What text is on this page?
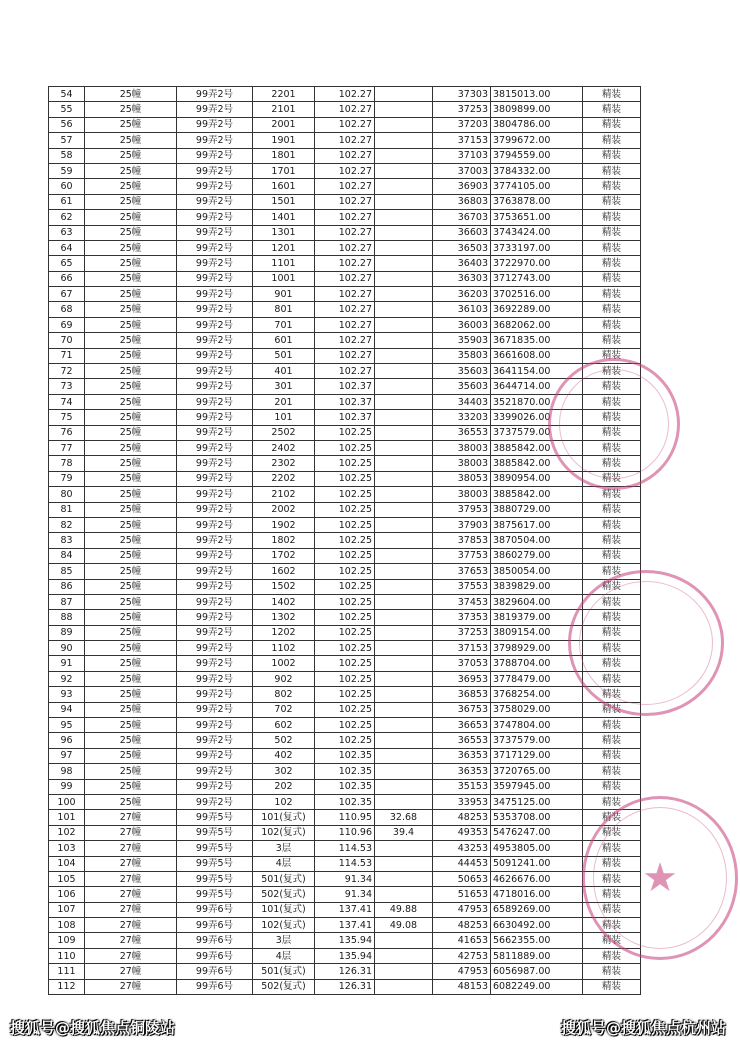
54	25幢	99弄2号	2201	102.27		37303	3815013.00	精装
55	25幢	99弄2号	2101	102.27		37253	3809899.00	精装
56	25幢	99弄2号	2001	102.27		37203	3804786.00	精装
57	25幢	99弄2号	1901	102.27		37153	3799672.00	精装
58	25幢	99弄2号	1801	102.27		37103	3794559.00	精装
59	25幢	99弄2号	1701	102.27		37003	3784332.00	精装
60	25幢	99弄2号	1601	102.27		36903	3774105.00	精装
61	25幢	99弄2号	1501	102.27		36803	3763878.00	精装
62	25幢	99弄2号	1401	102.27		36703	3753651.00	精装
63	25幢	99弄2号	1301	102.27		36603	3743424.00	精装
64	25幢	99弄2号	1201	102.27		36503	3733197.00	精装
65	25幢	99弄2号	1101	102.27		36403	3722970.00	精装
66	25幢	99弄2号	1001	102.27		36303	3712743.00	精装
67	25幢	99弄2号	901	102.27		36203	3702516.00	精装
68	25幢	99弄2号	801	102.27		36103	3692289.00	精装
69	25幢	99弄2号	701	102.27		36003	3682062.00	精装
70	25幢	99弄2号	601	102.27		35903	3671835.00	精装
71	25幢	99弄2号	501	102.27		35803	3661608.00	精装
72	25幢	99弄2号	401	102.27		35603	3641154.00	精装
73	25幢	99弄2号	301	102.37		35603	3644714.00	精装
74	25幢	99弄2号	201	102.37		34403	3521870.00	精装
75	25幢	99弄2号	101	102.37		33203	3399026.00	精装
76	25幢	99弄2号	2502	102.25		36553	3737579.00	精装
77	25幢	99弄2号	2402	102.25		38003	3885842.00	精装
78	25幢	99弄2号	2302	102.25		38003	3885842.00	精装
79	25幢	99弄2号	2202	102.25		38053	3890954.00	精装
80	25幢	99弄2号	2102	102.25		38003	3885842.00	精装
81	25幢	99弄2号	2002	102.25		37953	3880729.00	精装
82	25幢	99弄2号	1902	102.25		37903	3875617.00	精装
83	25幢	99弄2号	1802	102.25		37853	3870504.00	精装
84	25幢	99弄2号	1702	102.25		37753	3860279.00	精装
85	25幢	99弄2号	1602	102.25		37653	3850054.00	精装
86	25幢	99弄2号	1502	102.25		37553	3839829.00	精装
87	25幢	99弄2号	1402	102.25		37453	3829604.00	精装
88	25幢	99弄2号	1302	102.25		37353	3819379.00	精装
89	25幢	99弄2号	1202	102.25		37253	3809154.00	精装
90	25幢	99弄2号	1102	102.25		37153	3798929.00	精装
91	25幢	99弄2号	1002	102.25		37053	3788704.00	精装
92	25幢	99弄2号	902	102.25		36953	3778479.00	精装
93	25幢	99弄2号	802	102.25		36853	3768254.00	精装
94	25幢	99弄2号	702	102.25		36753	3758029.00	精装
95	25幢	99弄2号	602	102.25		36653	3747804.00	精装
96	25幢	99弄2号	502	102.25		36553	3737579.00	精装
97	25幢	99弄2号	402	102.35		36353	3717129.00	精装
98	25幢	99弄2号	302	102.35		36353	3720765.00	精装
99	25幢	99弄2号	202	102.35		35153	3597945.00	精装
100	25幢	99弄2号	102	102.35		33953	3475125.00	精装
101	27幢	99弄5号	101(复式)	110.95	32.68	48253	5353708.00	精装
102	27幢	99弄5号	102(复式)	110.96	39.4	49353	5476247.00	精装
103	27幢	99弄5号	3层	114.53		43253	4953805.00	精装
104	27幢	99弄5号	4层	114.53		44453	5091241.00	精装
105	27幢	99弄5号	501(复式)	91.34		50653	4626676.00	精装
106	27幢	99弄5号	502(复式)	91.34		51653	4718016.00	精装
107	27幢	99弄6号	101(复式)	137.41	49.88	47953	6589269.00	精装
108	27幢	99弄6号	102(复式)	137.41	49.08	48253	6630492.00	精装
109	27幢	99弄6号	3层	135.94		41653	5662355.00	精装
110	27幢	99弄6号	4层	135.94		42753	5811889.00	精装
111	27幢	99弄6号	501(复式)	126.31		47953	6056987.00	精装
112	27幢	99弄6号	502(复式)	126.31		48153	6082249.00	精装
★
搜狐号@搜狐焦点铜陵站	搜狐号@搜狐焦点杭州站
